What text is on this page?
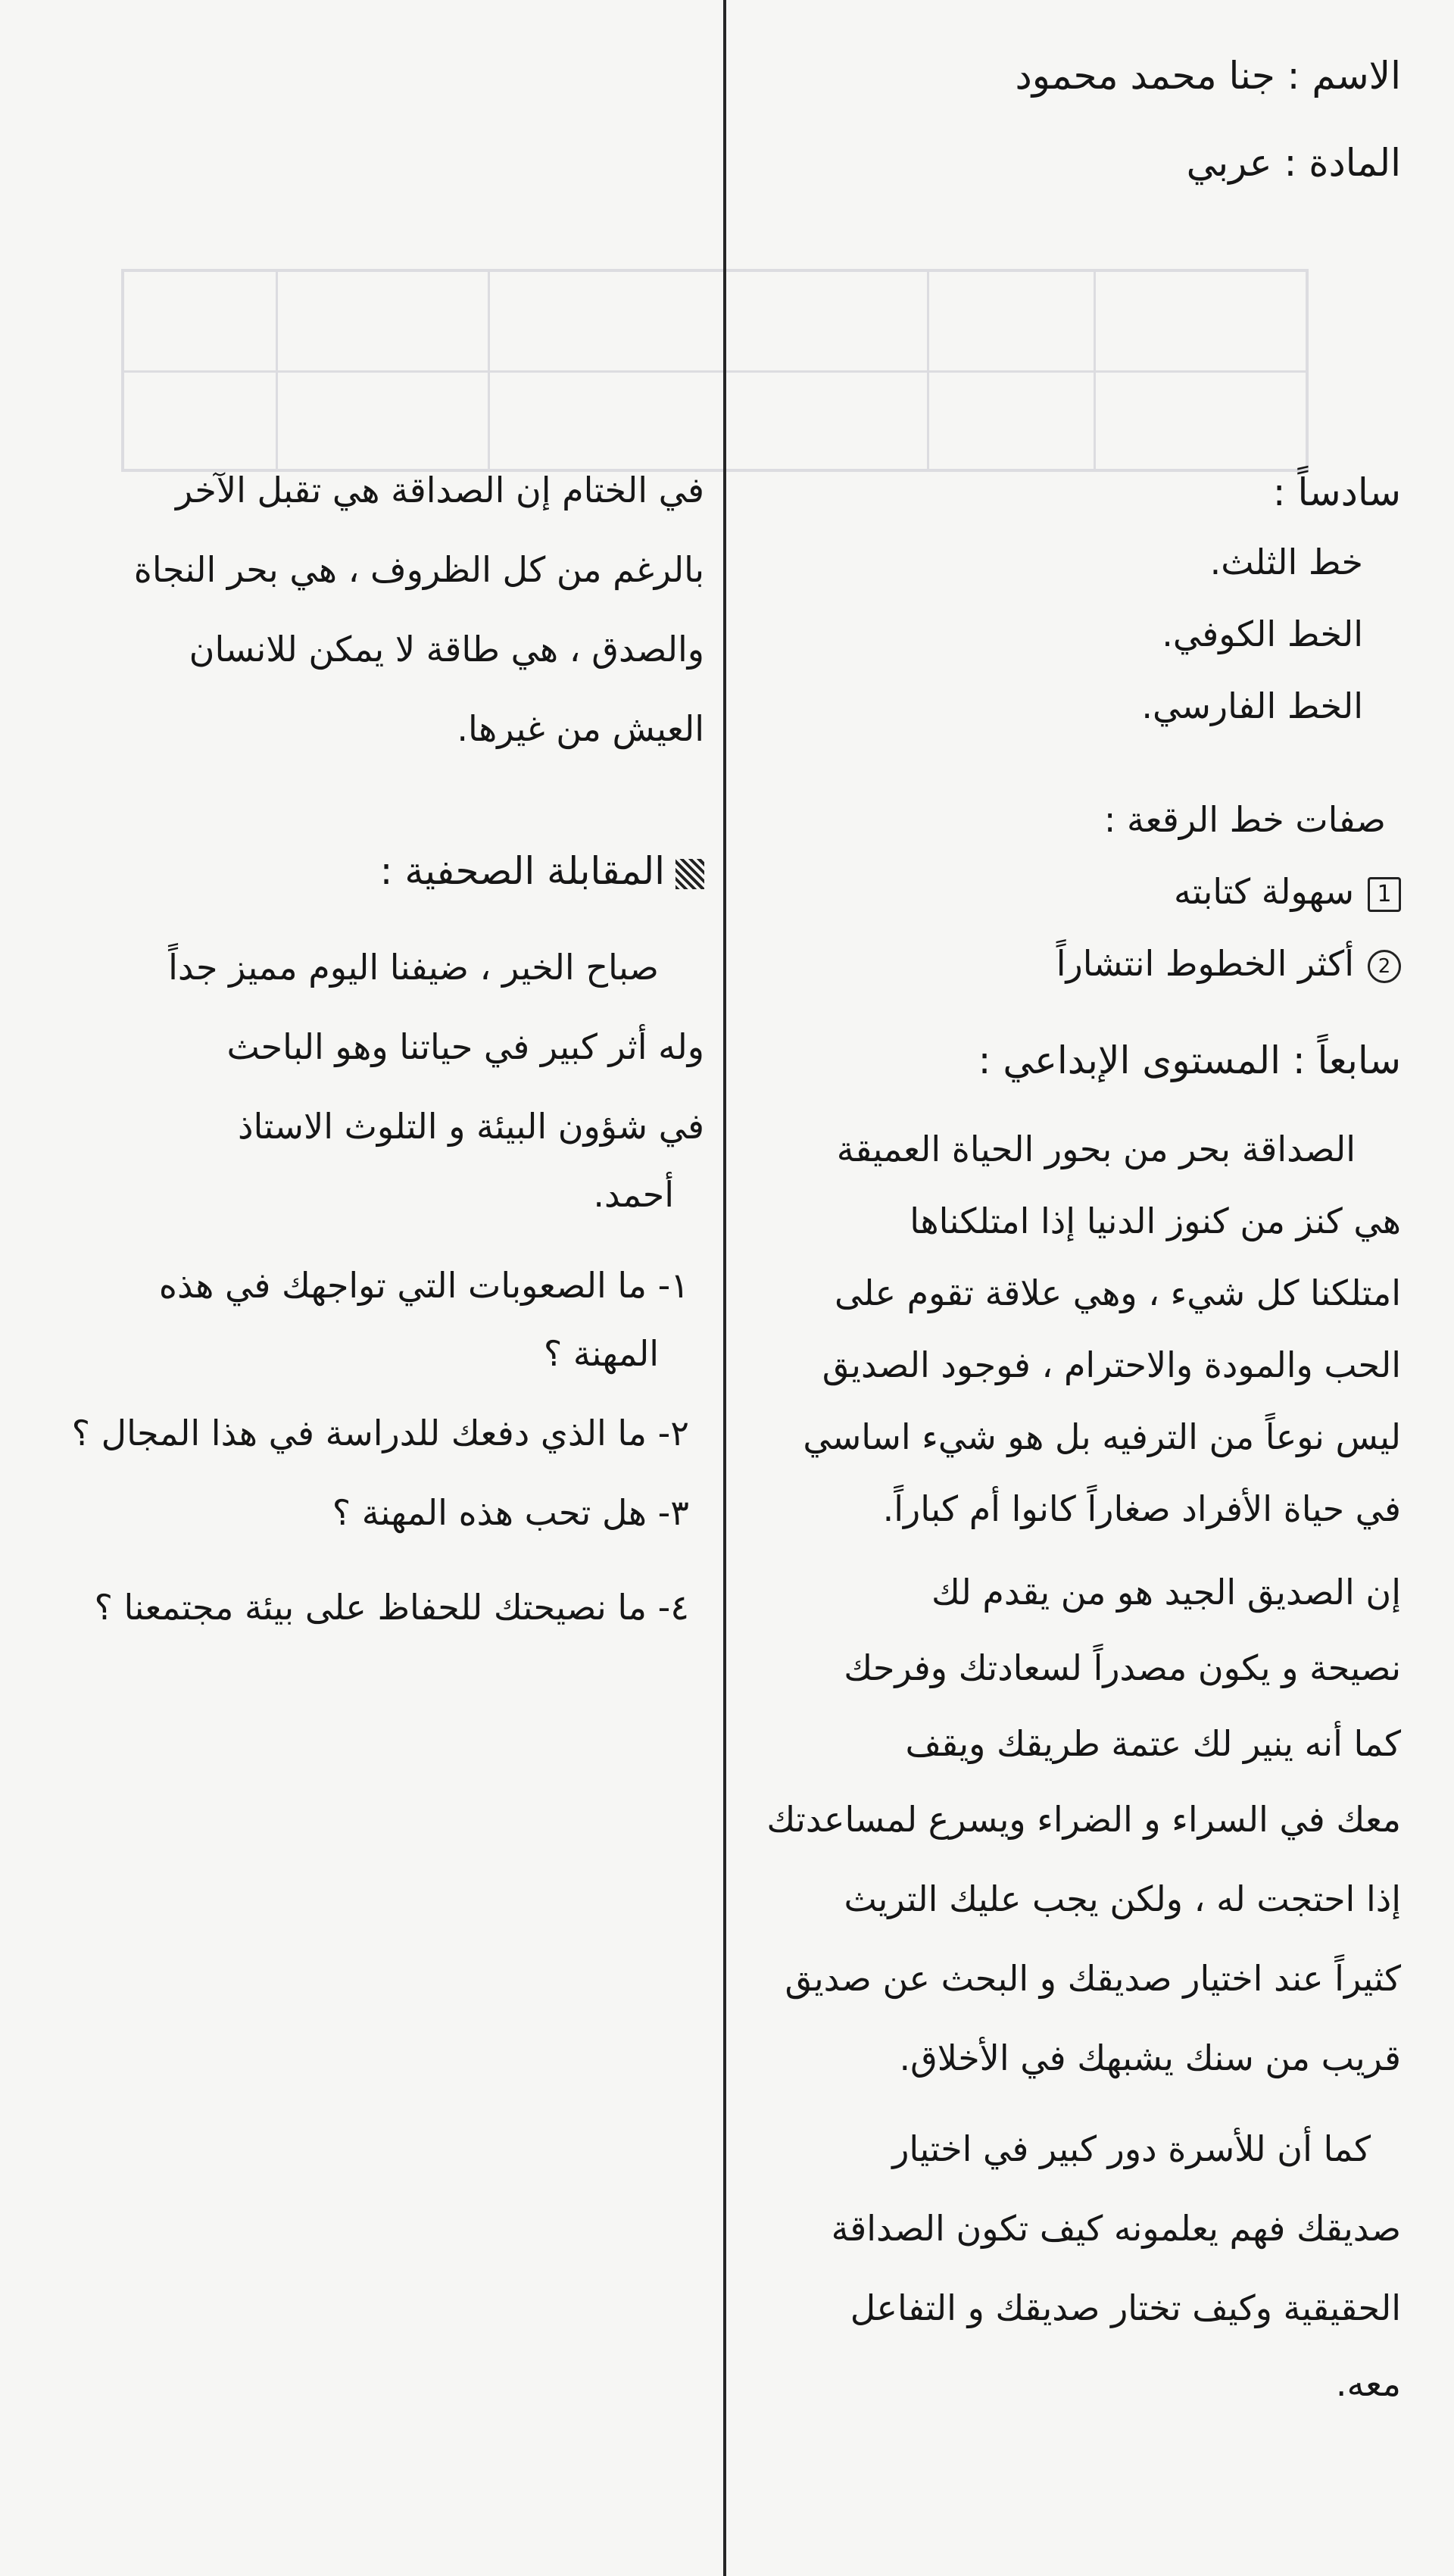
الاسم : جنا محمد محمود
المادة : عربي
سادساً :
خط الثلث.
الخط الكوفي.
الخط الفارسي.
صفات خط الرقعة :
1سهولة كتابته
2أكثر الخطوط انتشاراً
سابعاً : المستوى الإبداعي :
الصداقة بحر من بحور الحياة العميقة
هي كنز من كنوز الدنيا إذا امتلكناها
امتلكنا كل شيء ، وهي علاقة تقوم على
الحب والمودة والاحترام ، فوجود الصديق
ليس نوعاً من الترفيه بل هو شيء اساسي
في حياة الأفراد صغاراً كانوا أم كباراً.
إن الصديق الجيد هو من يقدم لك
نصيحة و يكون مصدراً لسعادتك وفرحك
كما أنه ينير لك عتمة طريقك ويقف
معك في السراء و الضراء ويسرع لمساعدتك
إذا احتجت له ، ولكن يجب عليك التريث
كثيراً عند اختيار صديقك و البحث عن صديق
قريب من سنك يشبهك في الأخلاق.
كما أن للأسرة دور كبير في اختيار
صديقك فهم يعلمونه كيف تكون الصداقة
الحقيقية وكيف تختار صديقك و التفاعل
معه.
في الختام إن الصداقة هي تقبل الآخر
بالرغم من كل الظروف ، هي بحر النجاة
والصدق ، هي طاقة لا يمكن للانسان
العيش من غيرها.
المقابلة الصحفية :
صباح الخير ، ضيفنا اليوم مميز جداً
وله أثر كبير في حياتنا وهو الباحث
في شؤون البيئة و التلوث الاستاذ
أحمد.
١- ما الصعوبات التي تواجهك في هذه
المهنة ؟
٢- ما الذي دفعك للدراسة في هذا المجال ؟
٣- هل تحب هذه المهنة ؟
٤- ما نصيحتك للحفاظ على بيئة مجتمعنا ؟
